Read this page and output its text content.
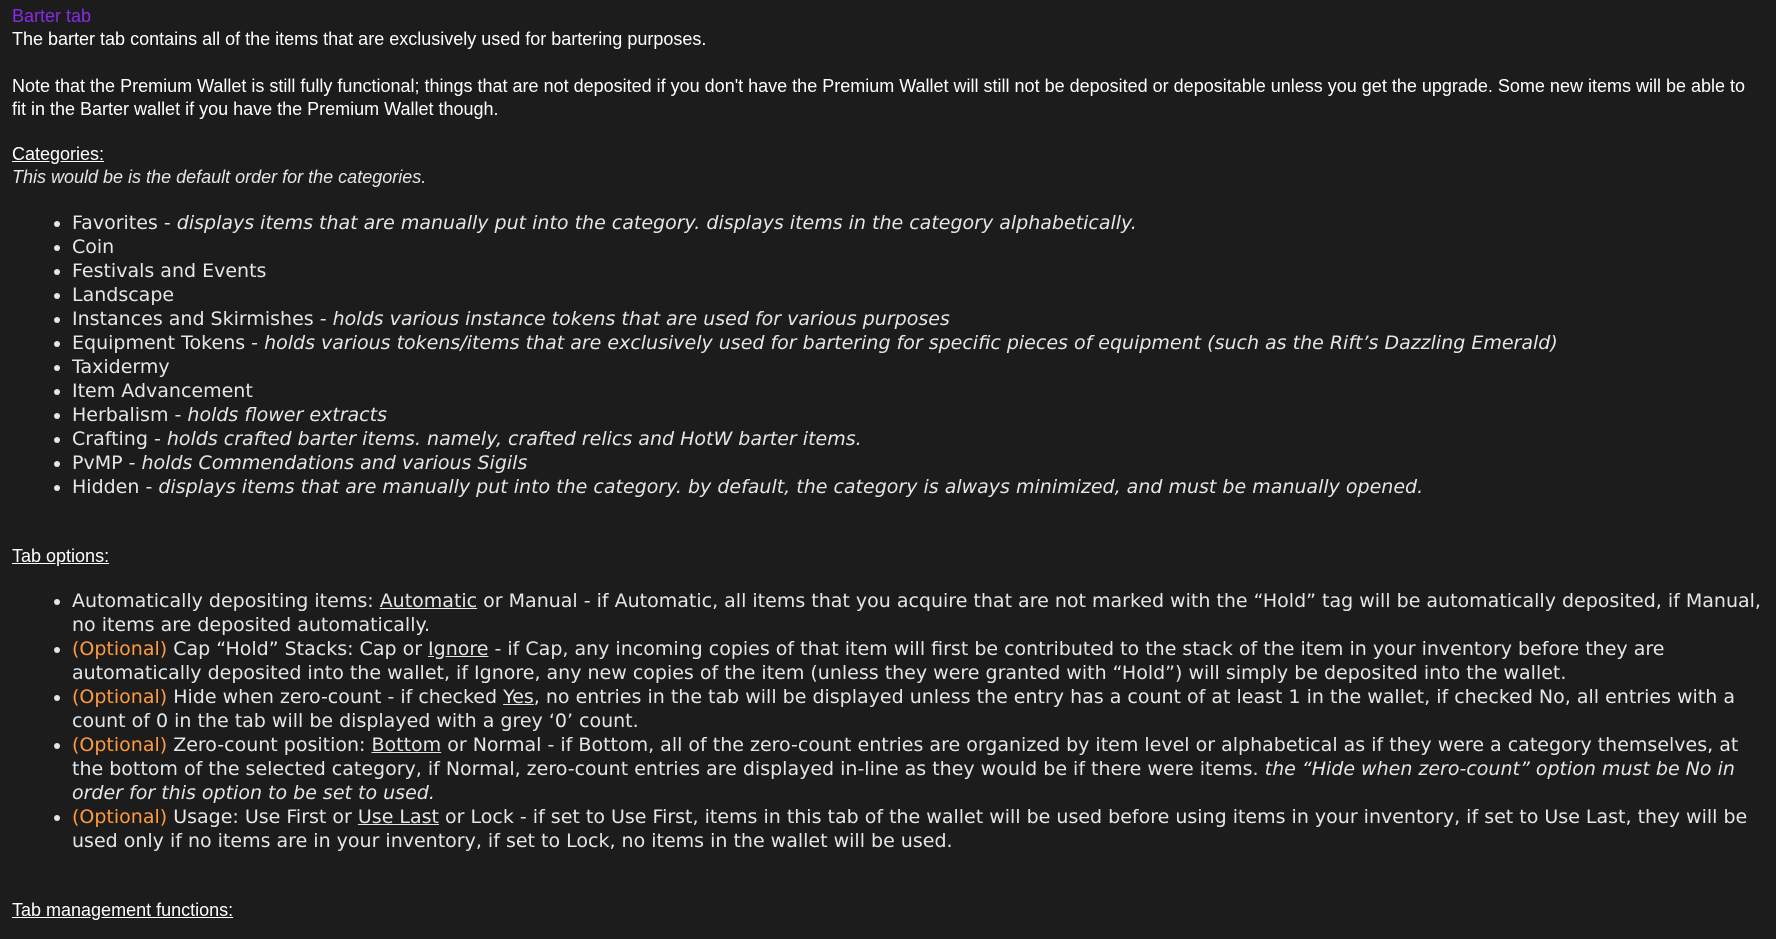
Barter tab

The barter tab contains all of the items that are exclusively used for bartering purposes.

Note that the Premium Wallet is still fully functional; things that are not deposited if you don't have the Premium Wallet will still not be deposited or depositable unless you get the upgrade. Some new items will be able to fit in the Barter wallet if you have the Premium Wallet though.

Categories:
This would be is the default order for the categories.
• Favorites - displays items that are manually put into the category. displays items in the category alphabetically.
• Coin
• Festivals and Events
• Landscape
• Instances and Skirmishes - holds various instance tokens that are used for various purposes
• Equipment Tokens - holds various tokens/items that are exclusively used for bartering for specific pieces of equipment (such as the Rift’s Dazzling Emerald)
• Taxidermy
• Item Advancement
• Herbalism - holds flower extracts
• Crafting - holds crafted barter items. namely, crafted relics and HotW barter items.
• PvMP - holds Commendations and various Sigils
• Hidden - displays items that are manually put into the category. by default, the category is always minimized, and must be manually opened.
Tab options:
• Automatically depositing items: Automatic or Manual - if Automatic, all items that you acquire that are not marked with the “Hold” tag will be automatically deposited, if Manual, no items are deposited automatically.
• (Optional) Cap “Hold” Stacks: Cap or Ignore - if Cap, any incoming copies of that item will first be contributed to the stack of the item in your inventory before they are automatically deposited into the wallet, if Ignore, any new copies of the item (unless they were granted with “Hold”) will simply be deposited into the wallet.
• (Optional) Hide when zero-count - if checked Yes, no entries in the tab will be displayed unless the entry has a count of at least 1 in the wallet, if checked No, all entries with a count of 0 in the tab will be displayed with a grey ‘0’ count.
• (Optional) Zero-count position: Bottom or Normal - if Bottom, all of the zero-count entries are organized by item level or alphabetical as if they were a category themselves, at the bottom of the selected category, if Normal, zero-count entries are displayed in-line as they would be if there were items. the “Hide when zero-count” option must be No in order for this option to be set to used.
• (Optional) Usage: Use First or Use Last or Lock - if set to Use First, items in this tab of the wallet will be used before using items in your inventory, if set to Use Last, they will be used only if no items are in your inventory, if set to Lock, no items in the wallet will be used.
Tab management functions:
